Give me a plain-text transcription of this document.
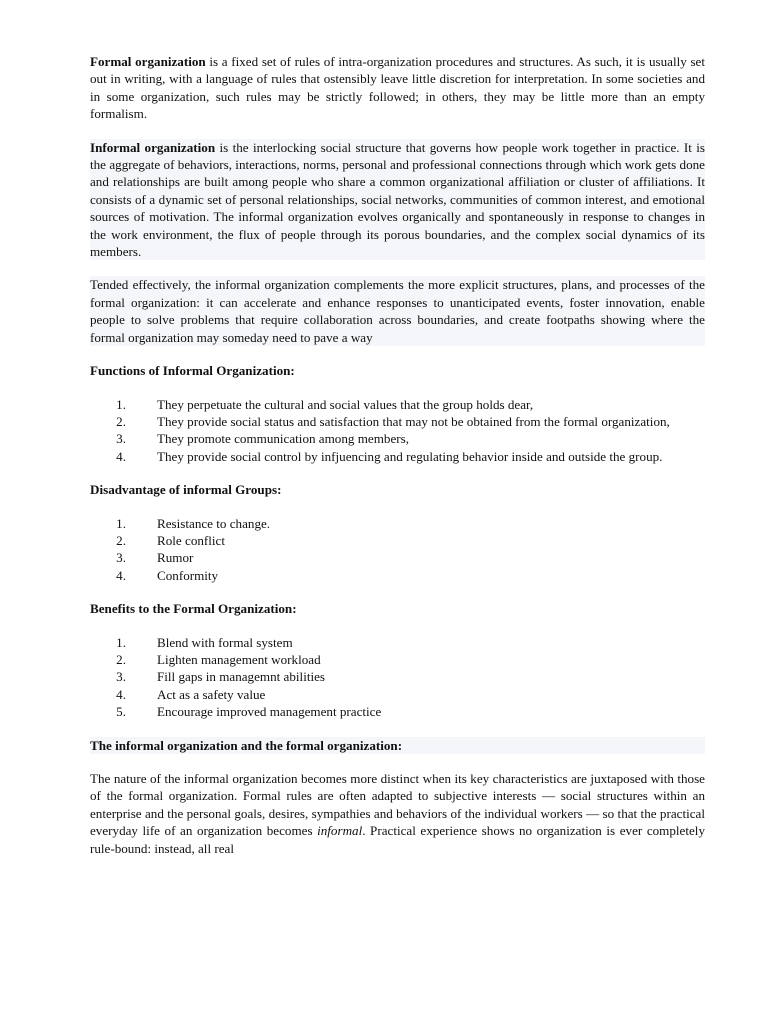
Formal organization is a fixed set of rules of intra-organization procedures and structures. As such, it is usually set out in writing, with a language of rules that ostensibly leave little discretion for interpretation. In some societies and in some organization, such rules may be strictly followed; in others, they may be little more than an empty formalism.

Informal organization is the interlocking social structure that governs how people work together in practice. It is the aggregate of behaviors, interactions, norms, personal and professional connections through which work gets done and relationships are built among people who share a common organizational affiliation or cluster of affiliations. It consists of a dynamic set of personal relationships, social networks, communities of common interest, and emotional sources of motivation. The informal organization evolves organically and spontaneously in response to changes in the work environment, the flux of people through its porous boundaries, and the complex social dynamics of its members.

Tended effectively, the informal organization complements the more explicit structures, plans, and processes of the formal organization: it can accelerate and enhance responses to unanticipated events, foster innovation, enable people to solve problems that require collaboration across boundaries, and create footpaths showing where the formal organization may someday need to pave a way

Functions of Informal Organization:
1. They perpetuate the cultural and social values that the group holds dear,
2. They provide social status and satisfaction that may not be obtained from the formal organization,
3. They promote communication among members,
4. They provide social control by infjuencing and regulating behavior inside and outside the group.
Disadvantage of informal Groups:
1. Resistance to change.
2. Role conflict
3. Rumor
4. Conformity
Benefits to the Formal Organization:
1. Blend with formal system
2. Lighten management workload
3. Fill gaps in managemnt abilities
4. Act as a safety value
5. Encourage improved management practice
The informal organization and the formal organization:

The nature of the informal organization becomes more distinct when its key characteristics are juxtaposed with those of the formal organization. Formal rules are often adapted to subjective interests — social structures within an enterprise and the personal goals, desires, sympathies and behaviors of the individual workers — so that the practical everyday life of an organization becomes informal. Practical experience shows no organization is ever completely rule-bound: instead, all real
